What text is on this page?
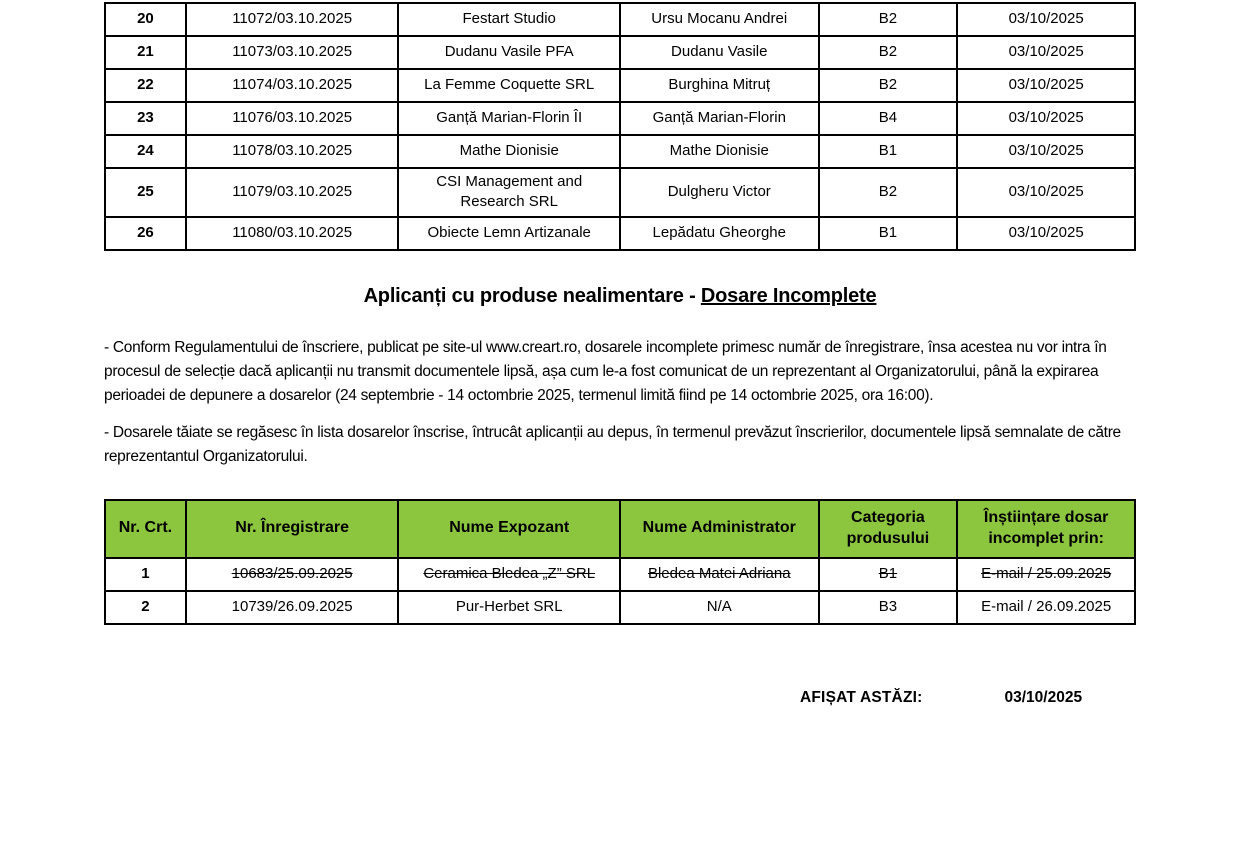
20	11072/03.10.2025	Festart Studio	Ursu Mocanu Andrei	B2	03/10/2025
21	11073/03.10.2025	Dudanu Vasile PFA	Dudanu Vasile	B2	03/10/2025
22	11074/03.10.2025	La Femme Coquette SRL	Burghina Mitruț	B2	03/10/2025
23	11076/03.10.2025	Ganță Marian-Florin ÎI	Ganță Marian-Florin	B4	03/10/2025
24	11078/03.10.2025	Mathe Dionisie	Mathe Dionisie	B1	03/10/2025
25	11079/03.10.2025	CSI Management and Research SRL	Dulgheru Victor	B2	03/10/2025
26	11080/03.10.2025	Obiecte Lemn Artizanale	Lepădatu Gheorghe	B1	03/10/2025
Aplicanți cu produse nealimentare - Dosare Incomplete

- Conform Regulamentului de înscriere, publicat pe site-ul www.creart.ro, dosarele incomplete primesc număr de înregistrare, însa acestea nu vor intra în procesul de selecție dacă aplicanții nu transmit documentele lipsă, așa cum le-a fost comunicat de un reprezentant al Organizatorului, până la expirarea perioadei de depunere a dosarelor (24 septembrie - 14 octombrie 2025, termenul limită fiind pe 14 octombrie 2025, ora 16:00).

- Dosarele tăiate se regăsesc în lista dosarelor înscrise, întrucât aplicanții au depus, în termenul prevăzut înscrierilor, documentele lipsă semnalate de către reprezentantul Organizatorului.

Nr. Crt.	Nr. Înregistrare	Nume Expozant	Nume Administrator	Categoria produsului	Înștiințare dosar incomplet prin:
1	10683/25.09.2025	Ceramica Bledea „Z” SRL	Bledea Matei Adriana	B1	E-mail / 25.09.2025
2	10739/26.09.2025	Pur-Herbet SRL	N/A	B3	E-mail / 26.09.2025
AFIȘAT ASTĂZI:	03/10/2025
